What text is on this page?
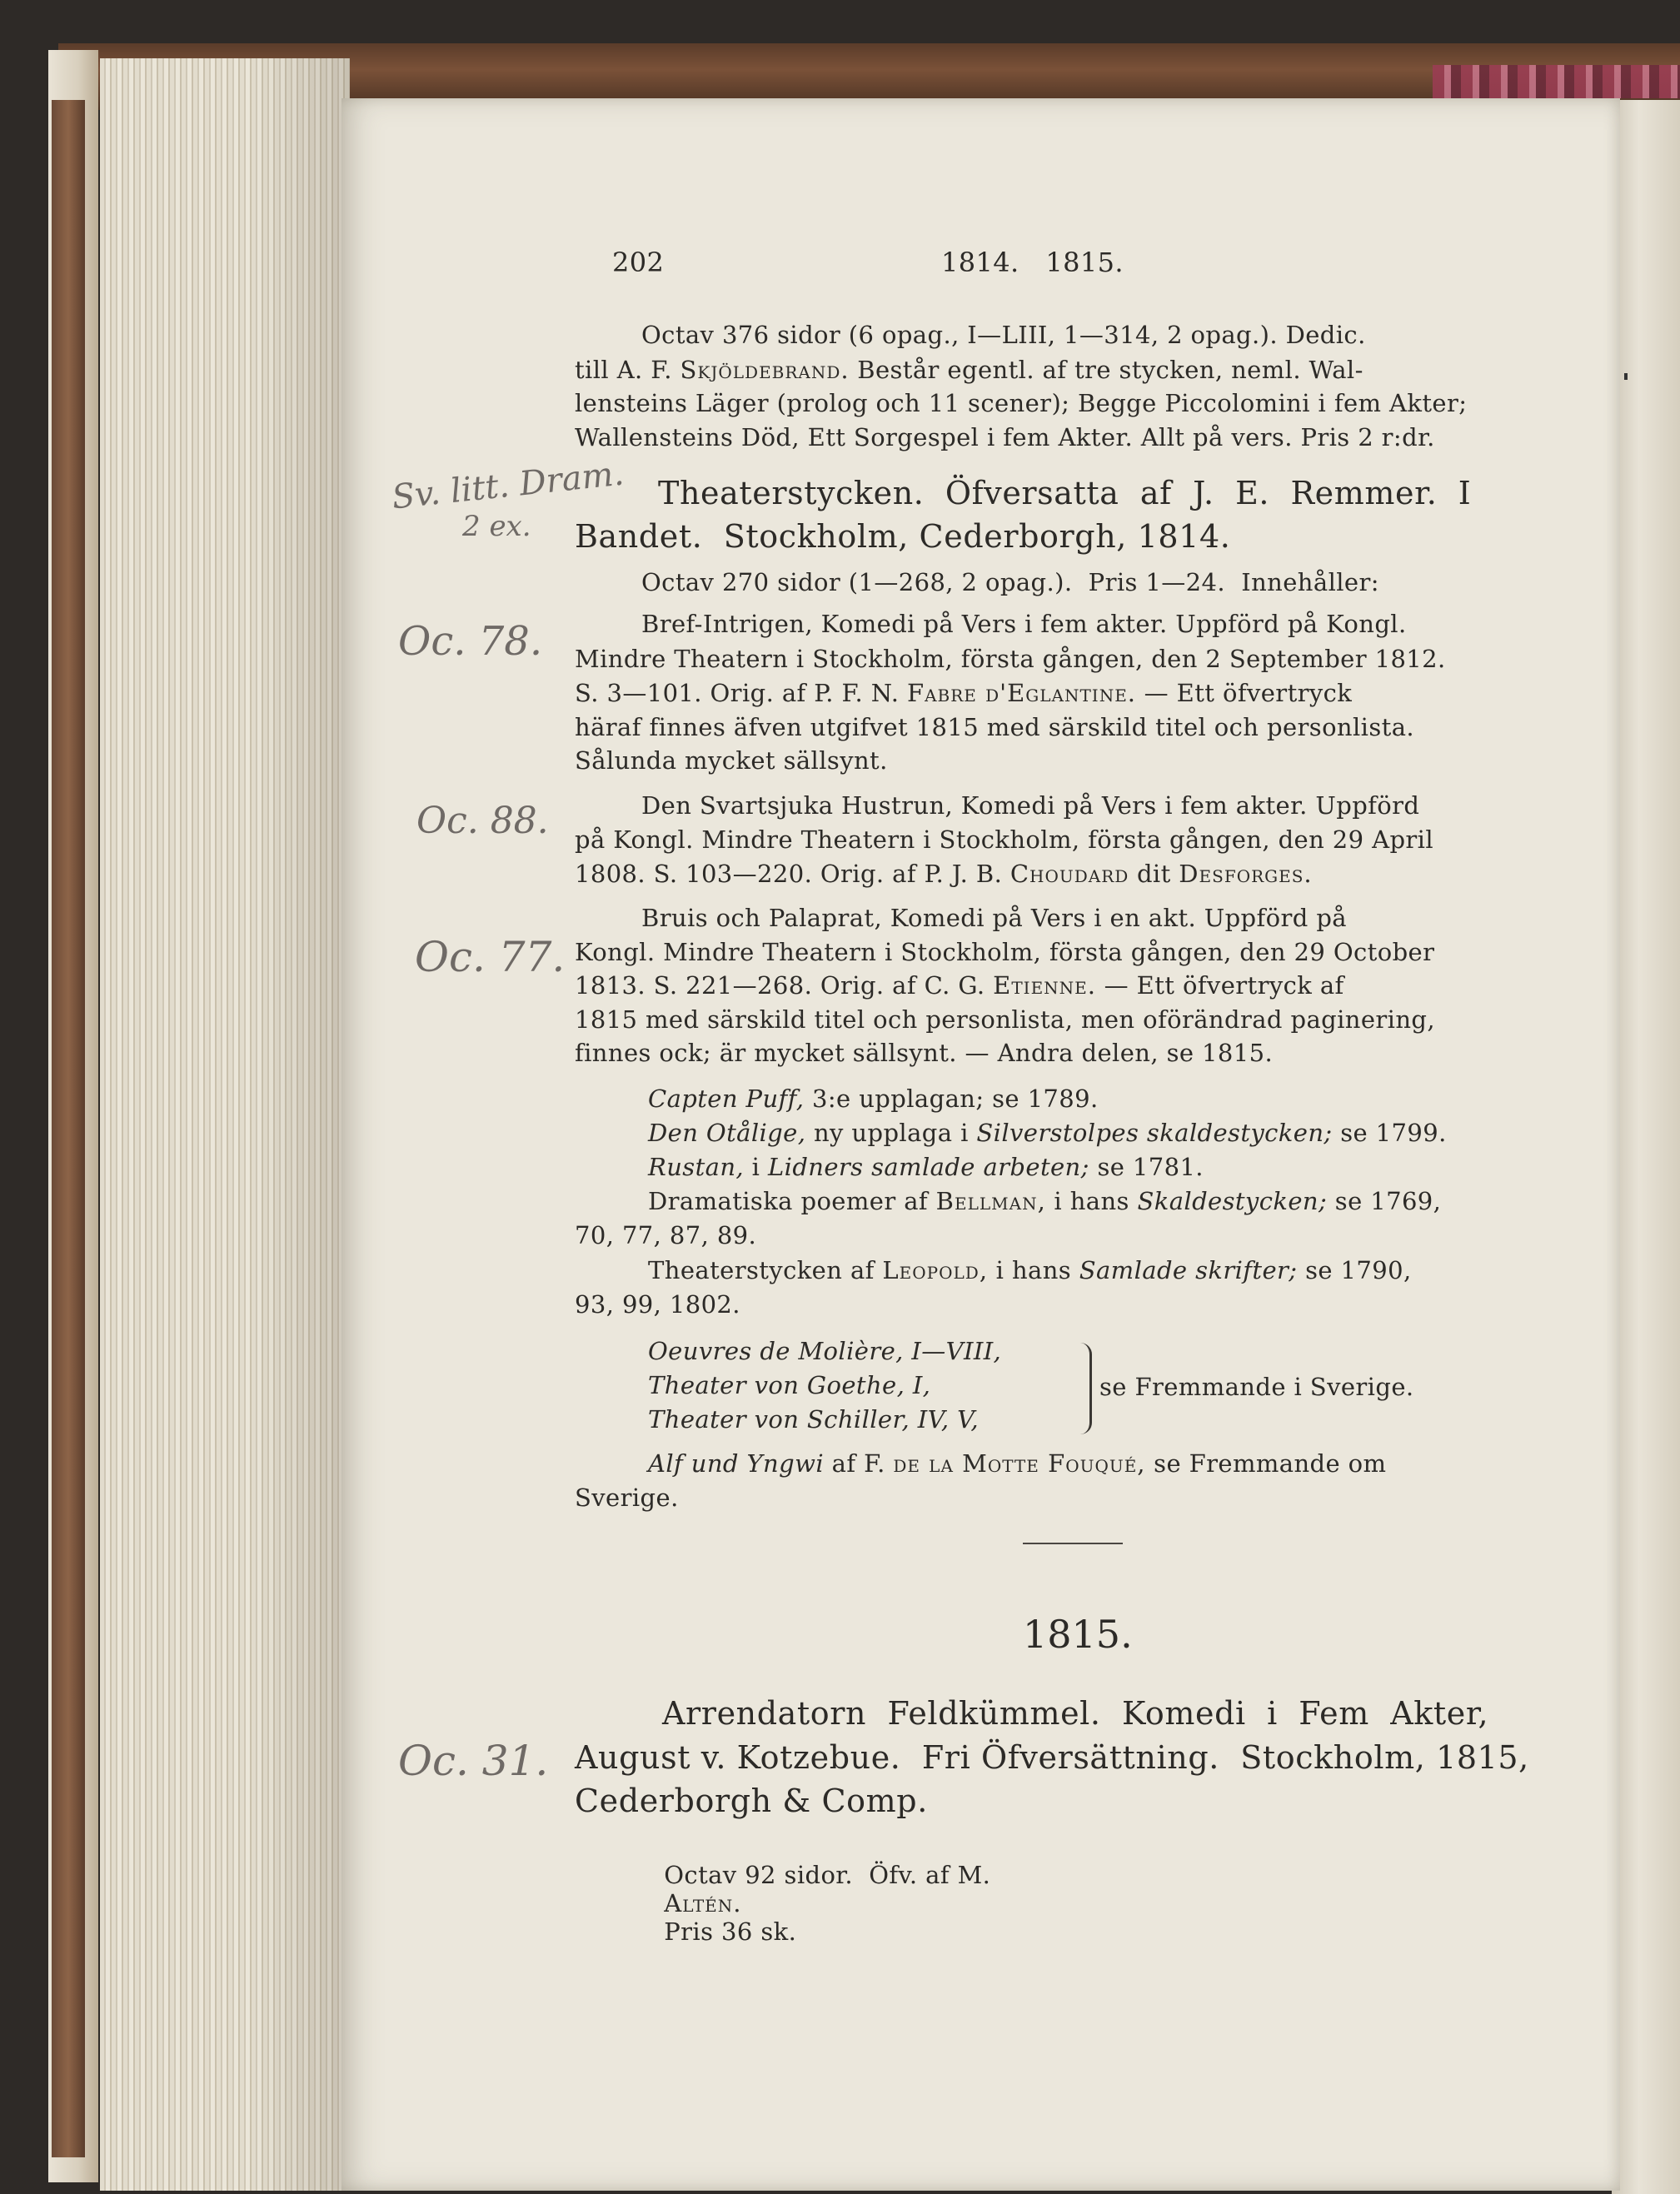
202	1814.   1815.
Octav 376 sidor (6 opag., I—LIII, 1—314, 2 opag.). Dedic.
till A. F. Skjöldebrand. Består egentl. af tre stycken, neml. Wal-
lensteins Läger (prolog och 11 scener); Begge Piccolomini i fem Akter;
Wallensteins Död, Ett Sorgespel i fem Akter. Allt på vers. Pris 2 r:dr.
Theaterstycken.  Öfversatta  af  J.  E.  Remmer.  I
Bandet.  Stockholm, Cederborgh, 1814.
Octav 270 sidor (1—268, 2 opag.).  Pris 1—24.  Innehåller:
Bref-Intrigen, Komedi på Vers i fem akter. Uppförd på Kongl.
Mindre Theatern i Stockholm, första gången, den 2 September 1812.
S. 3—101. Orig. af P. F. N. Fabre d'Eglantine. — Ett öfvertryck
häraf finnes äfven utgifvet 1815 med särskild titel och personlista.
Sålunda mycket sällsynt.
Den Svartsjuka Hustrun, Komedi på Vers i fem akter. Uppförd
på Kongl. Mindre Theatern i Stockholm, första gången, den 29 April
1808. S. 103—220. Orig. af P. J. B. Choudard dit Desforges.
Bruis och Palaprat, Komedi på Vers i en akt. Uppförd på
Kongl. Mindre Theatern i Stockholm, första gången, den 29 October
1813. S. 221—268. Orig. af C. G. Etienne. — Ett öfvertryck af
1815 med särskild titel och personlista, men oförändrad paginering,
finnes ock; är mycket sällsynt. — Andra delen, se 1815.
Capten Puff, 3:e upplagan; se 1789.
Den Otålige, ny upplaga i Silverstolpes skaldestycken; se 1799.
Rustan, i Lidners samlade arbeten; se 1781.
Dramatiska poemer af Bellman, i hans Skaldestycken; se 1769,
70, 77, 87, 89.
Theaterstycken af Leopold, i hans Samlade skrifter; se 1790,
93, 99, 1802.
Oeuvres de Molière, I—VIII,
Theater von Goethe, I,
Theater von Schiller, IV, V,
se Fremmande i Sverige.
Alf und Yngwi af F. de la Motte Fouqué, se Fremmande om
Sverige.
1815.
Arrendatorn  Feldkümmel.  Komedi  i  Fem  Akter,
August v. Kotzebue.  Fri Öfversättning.  Stockholm, 1815,
Cederborgh & Comp.

Octav 92 sidor.  Öfv. af M.
Altén.
Pris 36 sk.

Sv. litt. Dram.
2 ex.
Oc. 78.
Oc. 88.
Oc. 77.
Oc. 31.
